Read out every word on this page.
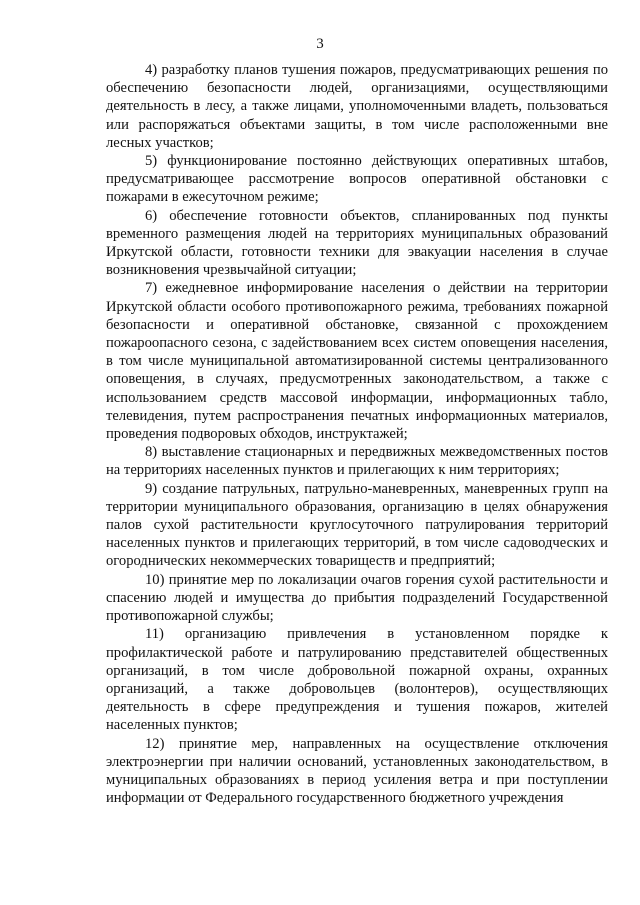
3

4) разработку планов тушения пожаров, предусматривающих решения по обеспечению безопасности людей, организациями, осуществляющими деятельность в лесу, а также лицами, уполномоченными владеть, пользоваться или распоряжаться объектами защиты, в том числе расположенными вне лесных участков;

5) функционирование постоянно действующих оперативных штабов, предусматривающее рассмотрение вопросов оперативной обстановки с пожарами в ежесуточном режиме;

6) обеспечение готовности объектов, спланированных под пункты временного размещения людей на территориях муниципальных образований Иркутской области, готовности техники для эвакуации населения в случае возникновения чрезвычайной ситуации;

7) ежедневное информирование населения о действии на территории Иркутской области особого противопожарного режима, требованиях пожарной безопасности и оперативной обстановке, связанной с прохождением пожароопасного сезона, с задействованием всех систем оповещения населения, в том числе муниципальной автоматизированной системы централизованного оповещения, в случаях, предусмотренных законодательством, а также с использованием средств массовой информации, информационных табло, телевидения, путем распространения печатных информационных материалов, проведения подворовых обходов, инструктажей;

8) выставление стационарных и передвижных межведомственных постов на территориях населенных пунктов и прилегающих к ним территориях;

9) создание патрульных, патрульно-маневренных, маневренных групп на территории муниципального образования, организацию в целях обнаружения палов сухой растительности круглосуточного патрулирования территорий населенных пунктов и прилегающих территорий, в том числе садоводческих и огороднических некоммерческих товариществ и предприятий;

10) принятие мер по локализации очагов горения сухой растительности и спасению людей и имущества до прибытия подразделений Государственной противопожарной службы;

11) организацию привлечения в установленном порядке к профилактической работе и патрулированию представителей общественных организаций, в том числе добровольной пожарной охраны, охранных организаций, а также добровольцев (волонтеров), осуществляющих деятельность в сфере предупреждения и тушения пожаров, жителей населенных пунктов;

12) принятие мер, направленных на осуществление отключения электроэнергии при наличии оснований, установленных законодательством, в муниципальных образованиях в период усиления ветра и при поступлении информации от Федерального государственного бюджетного учреждения
